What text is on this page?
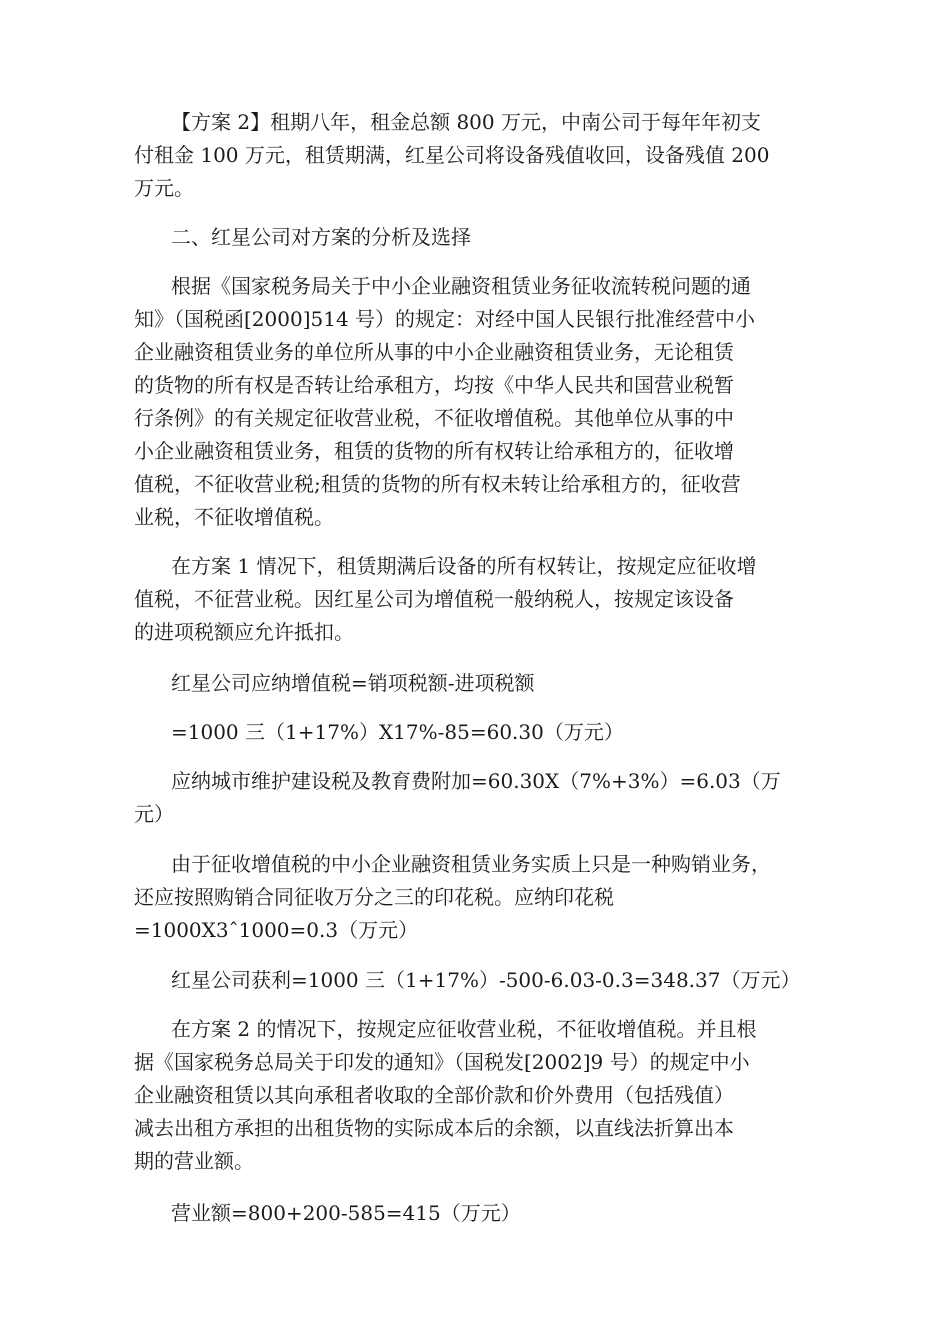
【方案 2】租期八年，租金总额 800 万元，中南公司于每年年初支
付租金 100 万元，租赁期满，红星公司将设备残值收回，设备残值 200
万元。

二、红星公司对方案的分析及选择

根据《国家税务局关于中小企业融资租赁业务征收流转税问题的通
知》（国税函[2000]514 号）的规定：对经中国人民银行批准经营中小
企业融资租赁业务的单位所从事的中小企业融资租赁业务，无论租赁
的货物的所有权是否转让给承租方，均按《中华人民共和国营业税暂
行条例》的有关规定征收营业税，不征收增值税。其他单位从事的中
小企业融资租赁业务，租赁的货物的所有权转让给承租方的，征收增
值税，不征收营业税;租赁的货物的所有权未转让给承租方的，征收营
业税，不征收增值税。

在方案 1 情况下，租赁期满后设备的所有权转让，按规定应征收增
值税，不征营业税。因红星公司为增值税一般纳税人，按规定该设备
的进项税额应允许抵扣。

红星公司应纳增值税=销项税额-进项税额

=1000 三（1+17%）X17%-85=60.30（万元）

应纳城市维护建设税及教育费附加=60.30X（7%+3%）=6.03（万
元）

由于征收增值税的中小企业融资租赁业务实质上只是一种购销业务，
还应按照购销合同征收万分之三的印花税。应纳印花税
=1000X3ˆ1000=0.3（万元）

红星公司获利=1000 三（1+17%）-500-6.03-0.3=348.37（万元）

在方案 2 的情况下，按规定应征收营业税，不征收增值税。并且根
据《国家税务总局关于印发的通知》（国税发[2002]9 号）的规定中小
企业融资租赁以其向承租者收取的全部价款和价外费用（包括残值）
减去出租方承担的出租货物的实际成本后的余额，以直线法折算出本
期的营业额。

营业额=800+200-585=415（万元）
